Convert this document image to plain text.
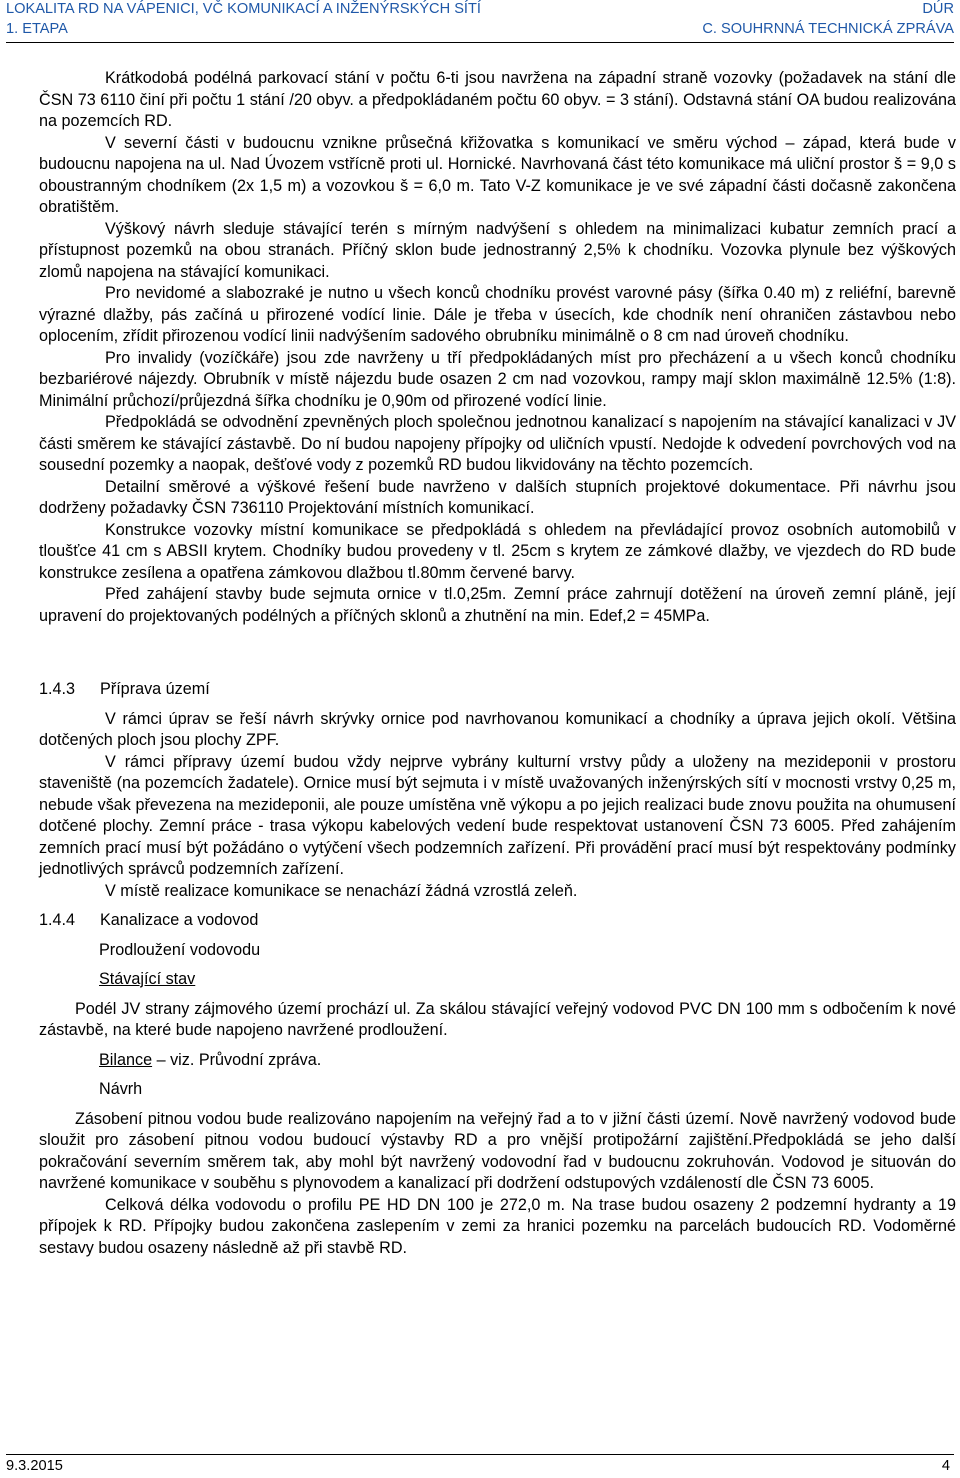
LOKALITA RD NA VÁPENICI, VČ KOMUNIKACÍ A INŽENÝRSKÝCH SÍTÍ	DÚR
1. ETAPA	C. SOUHRNNÁ TECHNICKÁ ZPRÁVA

Krátkodobá podélná parkovací stání v počtu 6-ti jsou navržena na západní straně vozovky (požadavek na stání dle ČSN 73 6110 činí při počtu 1 stání /20 obyv. a předpokládaném počtu 60 obyv. = 3 stání). Odstavná stání OA budou realizována na pozemcích RD.

V severní části v budoucnu vznikne průsečná křižovatka s komunikací ve směru východ – západ, která bude v budoucnu napojena na ul. Nad Úvozem vstřícně proti ul. Hornické. Navrhovaná část této komunikace má uliční prostor š = 9,0 s oboustranným chodníkem (2x 1,5 m) a vozovkou š = 6,0 m. Tato V-Z komunikace je ve své západní části dočasně zakončena obratištěm.

Výškový návrh sleduje stávající terén s mírným nadvýšení s ohledem na minimalizaci kubatur zemních prací a přístupnost pozemků na obou stranách. Příčný sklon bude jednostranný 2,5% k chodníku. Vozovka plynule bez výškových zlomů napojena na stávající komunikaci.

Pro nevidomé a slabozraké je nutno u všech konců chodníku provést varovné pásy (šířka 0.40 m) z reliéfní, barevně výrazné dlažby, pás začíná u přirozené vodící linie. Dále je třeba v úsecích, kde chodník není ohraničen zástavbou nebo oplocením, zřídit přirozenou vodící linii nadvýšením sadového obrubníku minimálně o 8 cm nad úroveň chodníku.

Pro invalidy (vozíčkáře) jsou zde navrženy u tří předpokládaných míst pro přecházení a u všech konců chodníku bezbariérové nájezdy. Obrubník v místě nájezdu bude osazen 2 cm nad vozovkou, rampy mají sklon maximálně 12.5% (1:8). Minimální průchozí/průjezdná šířka chodníku je 0,90m od přirozené vodící linie.

Předpokládá se odvodnění zpevněných ploch společnou jednotnou kanalizací s napojením na stávající kanalizaci v JV části směrem ke stávající zástavbě. Do ní budou napojeny přípojky od uličních vpustí. Nedojde k odvedení povrchových vod na sousední pozemky a naopak, dešťové vody z pozemků RD budou likvidovány na těchto pozemcích.

Detailní směrové a výškové řešení bude navrženo v dalších stupních projektové dokumentace. Při návrhu jsou dodrženy požadavky ČSN 736110 Projektování místních komunikací.

Konstrukce vozovky místní komunikace se předpokládá s ohledem na převládající provoz osobních automobilů v tloušťce 41 cm s ABSII krytem. Chodníky budou provedeny v tl. 25cm s krytem ze zámkové dlažby, ve vjezdech do RD bude konstrukce zesílena a opatřena zámkovou dlažbou tl.80mm červené barvy.

Před zahájení stavby bude sejmuta ornice v tl.0,25m. Zemní práce zahrnují dotěžení na úroveň zemní pláně, její upravení do projektovaných podélných a příčných sklonů a zhutnění na min. Edef,2 = 45MPa.

1.4.3 Příprava území

V rámci úprav se řeší návrh skrývky ornice pod navrhovanou komunikací a chodníky a úprava jejich okolí. Většina dotčených ploch jsou plochy ZPF.

V rámci přípravy území budou vždy nejprve vybrány kulturní vrstvy půdy a uloženy na mezideponii v prostoru staveniště (na pozemcích žadatele). Ornice musí být sejmuta i v místě uvažovaných inženýrských sítí v mocnosti vrstvy 0,25 m, nebude však převezena na mezideponii, ale pouze umístěna vně výkopu a po jejich realizaci bude znovu použita na ohumusení dotčené plochy. Zemní práce - trasa výkopu kabelových vedení bude respektovat ustanovení ČSN 73 6005. Před zahájením zemních prací musí být požádáno o vytýčení všech podzemních zařízení. Při provádění prací musí být respektovány podmínky jednotlivých správců podzemních zařízení.

V místě realizace komunikace se nenachází žádná vzrostlá zeleň.

1.4.4 Kanalizace a vodovod

Prodloužení vodovodu

Stávající stav

Podél JV strany zájmového území prochází ul. Za skálou stávající veřejný vodovod PVC DN 100 mm s odbočením k nové zástavbě, na které bude napojeno navržené prodloužení.

Bilance – viz. Průvodní zpráva.

Návrh

Zásobení pitnou vodou bude realizováno napojením na veřejný řad a to v jižní části území. Nově navržený vodovod bude sloužit pro zásobení pitnou vodou budoucí výstavby RD a pro vnější protipožární zajištění.Předpokládá se jeho další pokračování severním směrem tak, aby mohl být navržený vodovodní řad v budoucnu zokruhován. Vodovod je situován do navržené komunikace v souběhu s plynovodem a kanalizací při dodržení odstupových vzdáleností dle ČSN 73 6005.

Celková délka vodovodu o profilu PE HD DN 100 je 272,0 m. Na trase budou osazeny 2 podzemní hydranty a 19 přípojek k RD. Přípojky budou zakončena zaslepením v zemi za hranici pozemku na parcelách budoucích RD. Vodoměrné sestavy budou osazeny následně až při stavbě RD.

9.3.2015	4
